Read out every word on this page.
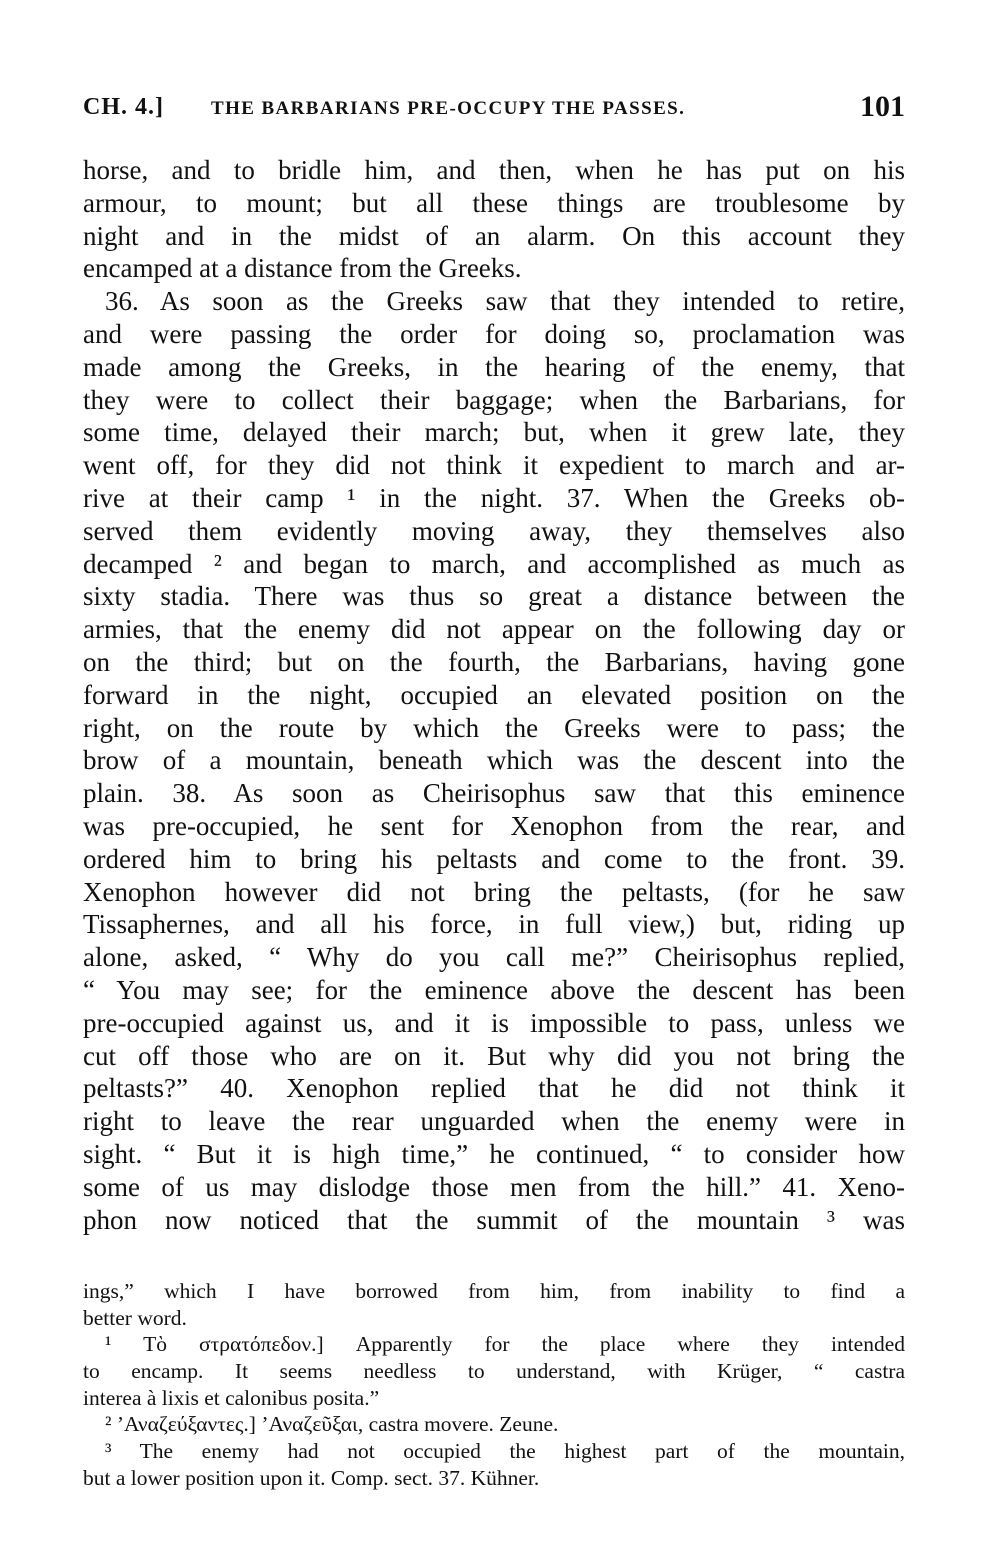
CH. 4.] THE BARBARIANS PRE-OCCUPY THE PASSES.	101
horse, and to bridle him, and then, when he has put on his
armour, to mount; but all these things are troublesome by
night and in the midst of an alarm. On this account they
encamped at a distance from the Greeks.
36. As soon as the Greeks saw that they intended to retire,
and were passing the order for doing so, proclamation was
made among the Greeks, in the hearing of the enemy, that
they were to collect their baggage; when the Barbarians, for
some time, delayed their march; but, when it grew late, they
went off, for they did not think it expedient to march and ar-
rive at their camp ¹ in the night. 37. When the Greeks ob-
served them evidently moving away, they themselves also
decamped ² and began to march, and accomplished as much as
sixty stadia. There was thus so great a distance between the
armies, that the enemy did not appear on the following day or
on the third; but on the fourth, the Barbarians, having gone
forward in the night, occupied an elevated position on the
right, on the route by which the Greeks were to pass; the
brow of a mountain, beneath which was the descent into the
plain. 38. As soon as Cheirisophus saw that this eminence
was pre-occupied, he sent for Xenophon from the rear, and
ordered him to bring his peltasts and come to the front. 39.
Xenophon however did not bring the peltasts, (for he saw
Tissaphernes, and all his force, in full view,) but, riding up
alone, asked, “ Why do you call me?” Cheirisophus replied,
“ You may see; for the eminence above the descent has been
pre-occupied against us, and it is impossible to pass, unless we
cut off those who are on it. But why did you not bring the
peltasts?” 40. Xenophon replied that he did not think it
right to leave the rear unguarded when the enemy were in
sight. “ But it is high time,” he continued, “ to consider how
some of us may dislodge those men from the hill.” 41. Xeno-
phon now noticed that the summit of the mountain ³ was
ings,” which I have borrowed from him, from inability to find a
better word.
¹ Τὸ στρατόπεδον.] Apparently for the place where they intended
to encamp. It seems needless to understand, with Krüger, “ castra
interea à lixis et calonibus posita.”
² ’Αναζεύξαντες.] ’Αναζεῦξαι, castra movere. Zeune.
³ The enemy had not occupied the highest part of the mountain,
but a lower position upon it. Comp. sect. 37. Kühner.
